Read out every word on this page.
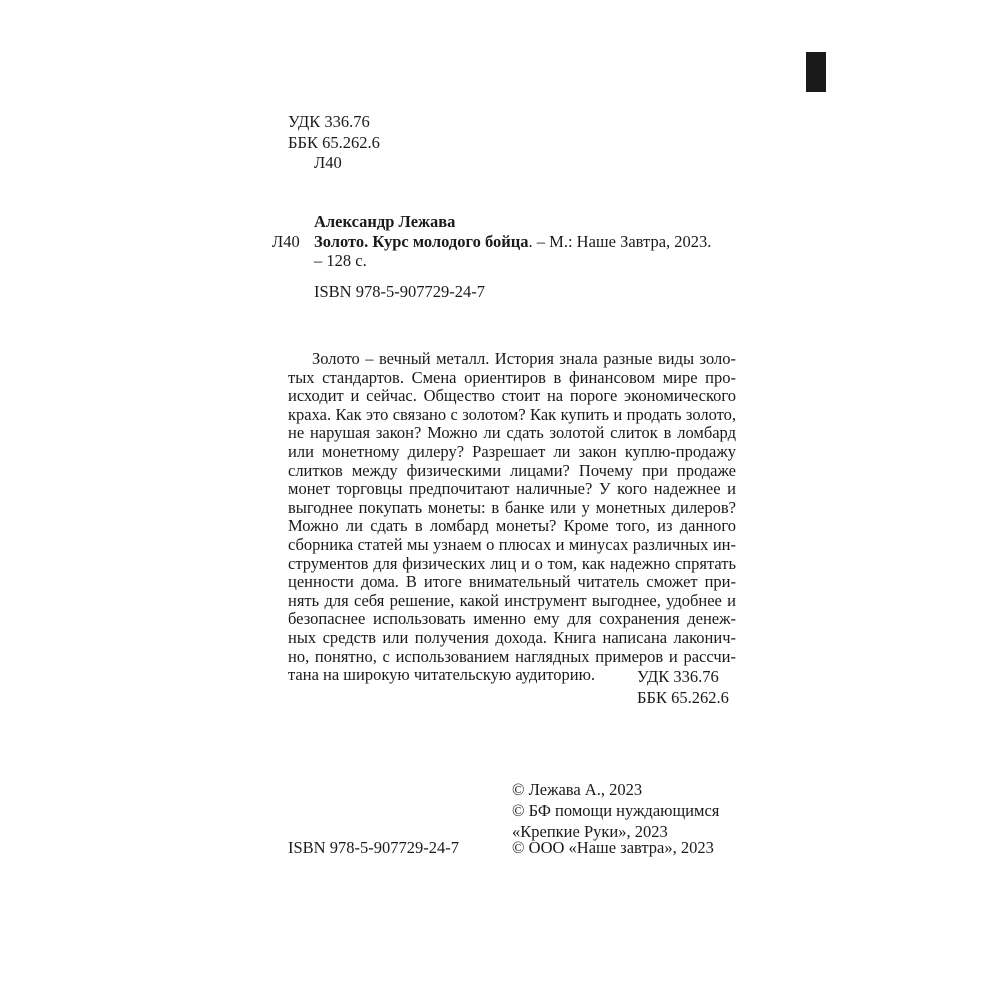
УДК 336.76
ББК 65.262.6
Л40
Александр Лежава
Л40 Золото. Курс молодого бойца. – М.: Наше Завтра, 2023.
– 128 с.
ISBN 978-5-907729-24-7
Золото – вечный металл. История знала разные виды золо-
тых стандартов. Смена ориентиров в финансовом мире про-
исходит и сейчас. Общество стоит на пороге экономического
краха. Как это связано с золотом? Как купить и продать золото,
не нарушая закон? Можно ли сдать золотой слиток в ломбард
или монетному дилеру? Разрешает ли закон куплю-продажу
слитков между физическими лицами? Почему при продаже
монет торговцы предпочитают наличные? У кого надежнее и
выгоднее покупать монеты: в банке или у монетных дилеров?
Можно ли сдать в ломбард монеты? Кроме того, из данного
сборника статей мы узнаем о плюсах и минусах различных ин-
струментов для физических лиц и о том, как надежно спрятать
ценности дома. В итоге внимательный читатель сможет при-
нять для себя решение, какой инструмент выгоднее, удобнее и
безопаснее использовать именно ему для сохранения денеж-
ных средств или получения дохода. Книга написана лаконич-
но, понятно, с использованием наглядных примеров и рассчи-
тана на широкую читательскую аудиторию.	УДК 336.76
ББК 65.262.6
© Лежава А., 2023
© БФ помощи нуждающимся
«Крепкие Руки», 2023
© ООО «Наше завтра», 2023
ISBN 978-5-907729-24-7
